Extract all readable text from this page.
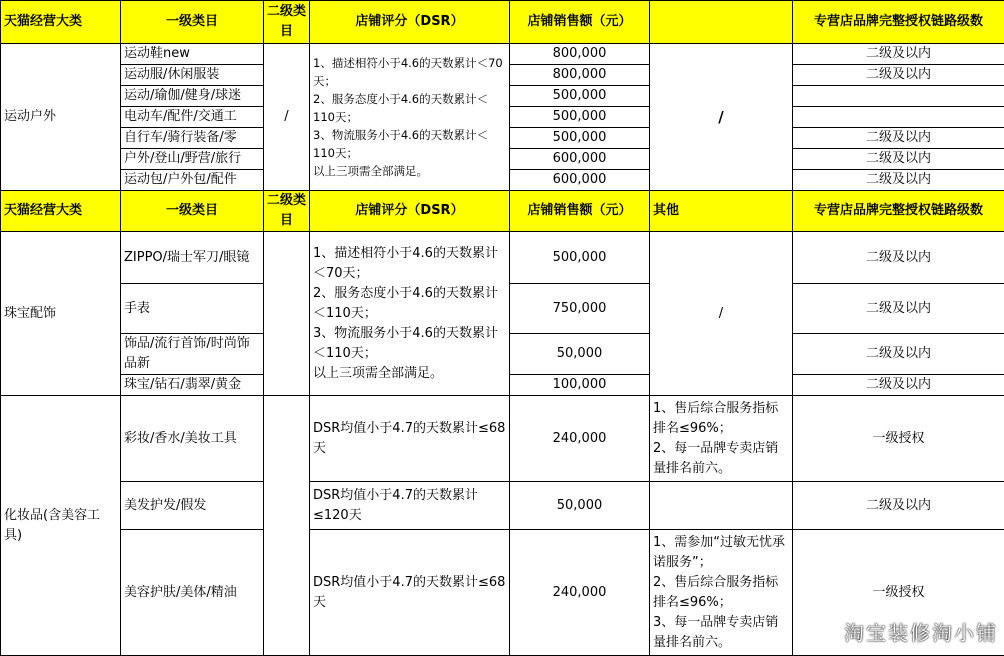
天猫经营大类	一级类目	二级类目	店铺评分（DSR）	店铺销售额（元）		专营店品牌完整授权链路级数
运动户外	运动鞋new	/	1、描述相符小于4.6的天数累计＜70天；
2、服务态度小于4.6的天数累计＜110天；
3、物流服务小于4.6的天数累计＜110天；
以上三项需全部满足。	800,000	/	二级及以内
	运动服/休闲服装			800,000		二级及以内
	运动/瑜伽/健身/球迷			500,000		
	电动车/配件/交通工			500,000		
	自行车/骑行装备/零			500,000		二级及以内
	户外/登山/野营/旅行			600,000		二级及以内
	运动包/户外包/配件			600,000		二级及以内
天猫经营大类	一级类目	二级类目	店铺评分（DSR）	店铺销售额（元）	其他	专营店品牌完整授权链路级数
珠宝配饰	ZIPPO/瑞士军刀/眼镜		1、描述相符小于4.6的天数累计＜70天；
2、服务态度小于4.6的天数累计＜110天；
3、物流服务小于4.6的天数累计＜110天；
以上三项需全部满足。	500,000	/	二级及以内
	手表			750,000		二级及以内
	饰品/流行首饰/时尚饰品新			50,000		二级及以内
	珠宝/钻石/翡翠/黄金			100,000		二级及以内
化妆品(含美容工具)	彩妆/香水/美妆工具		DSR均值小于4.7的天数累计≤68天	240,000	1、售后综合服务指标排名≤96%；
2、每一品牌专卖店销量排名前六。	一级授权
	美发护发/假发		DSR均值小于4.7的天数累计≤120天	50,000		二级及以内
	美容护肤/美体/精油		DSR均值小于4.7的天数累计≤68天	240,000	1、需参加“过敏无忧承诺服务”；
2、售后综合服务指标排名≤96%；
3、每一品牌专卖店销量排名前六。	一级授权
淘宝装修淘小铺
